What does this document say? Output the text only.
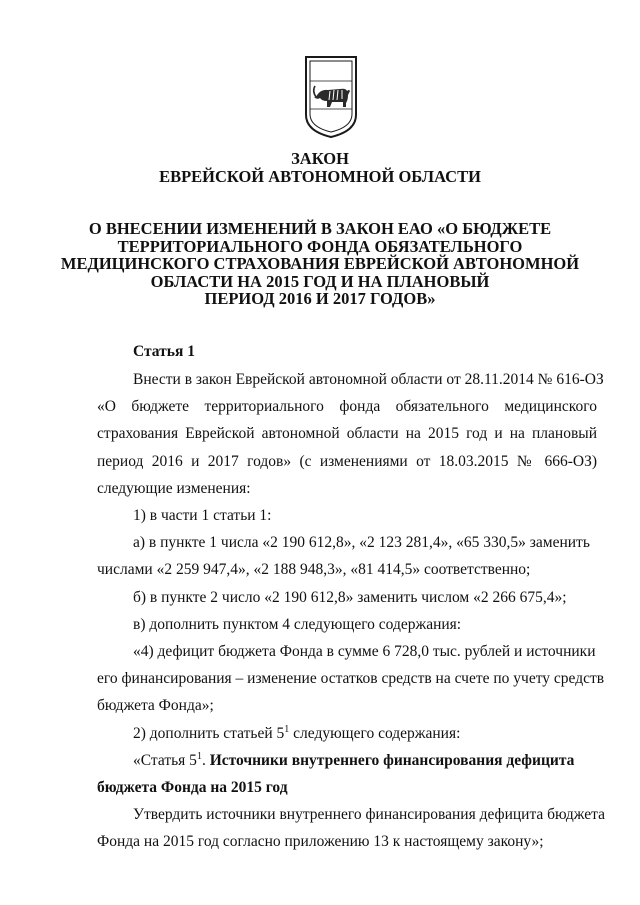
ЗАКОН
ЕВРЕЙСКОЙ АВТОНОМНОЙ ОБЛАСТИ
О ВНЕСЕНИИ ИЗМЕНЕНИЙ В ЗАКОН ЕАО «О БЮДЖЕТЕ
ТЕРРИТОРИАЛЬНОГО ФОНДА ОБЯЗАТЕЛЬНОГО
МЕДИЦИНСКОГО СТРАХОВАНИЯ ЕВРЕЙСКОЙ АВТОНОМНОЙ
ОБЛАСТИ НА 2015 ГОД И НА ПЛАНОВЫЙ
ПЕРИОД 2016 И 2017 ГОДОВ»
Статья 1
Внести в закон Еврейской автономной области от 28.11.2014 № 616-ОЗ
«О бюджете территориального фонда обязательного медицинского
страхования Еврейской автономной области на 2015 год и на плановый
период 2016 и 2017 годов» (с изменениями от 18.03.2015 № 666-ОЗ)
следующие изменения:
1) в части 1 статьи 1:
а) в пункте 1 числа «2 190 612,8», «2 123 281,4», «65 330,5» заменить
числами «2 259 947,4», «2 188 948,3», «81 414,5» соответственно;
б) в пункте 2 число «2 190 612,8» заменить числом «2 266 675,4»;
в) дополнить пунктом 4 следующего содержания:
«4) дефицит бюджета Фонда в сумме 6 728,0 тыс. рублей и источники
его финансирования – изменение остатков средств на счете по учету средств
бюджета Фонда»;
2) дополнить статьей $5^1$ следующего содержания:
«Статья $5^1$. Источники внутреннего финансирования дефицита
бюджета Фонда на 2015 год
Утвердить источники внутреннего финансирования дефицита бюджета
Фонда на 2015 год согласно приложению 13 к настоящему закону»;
